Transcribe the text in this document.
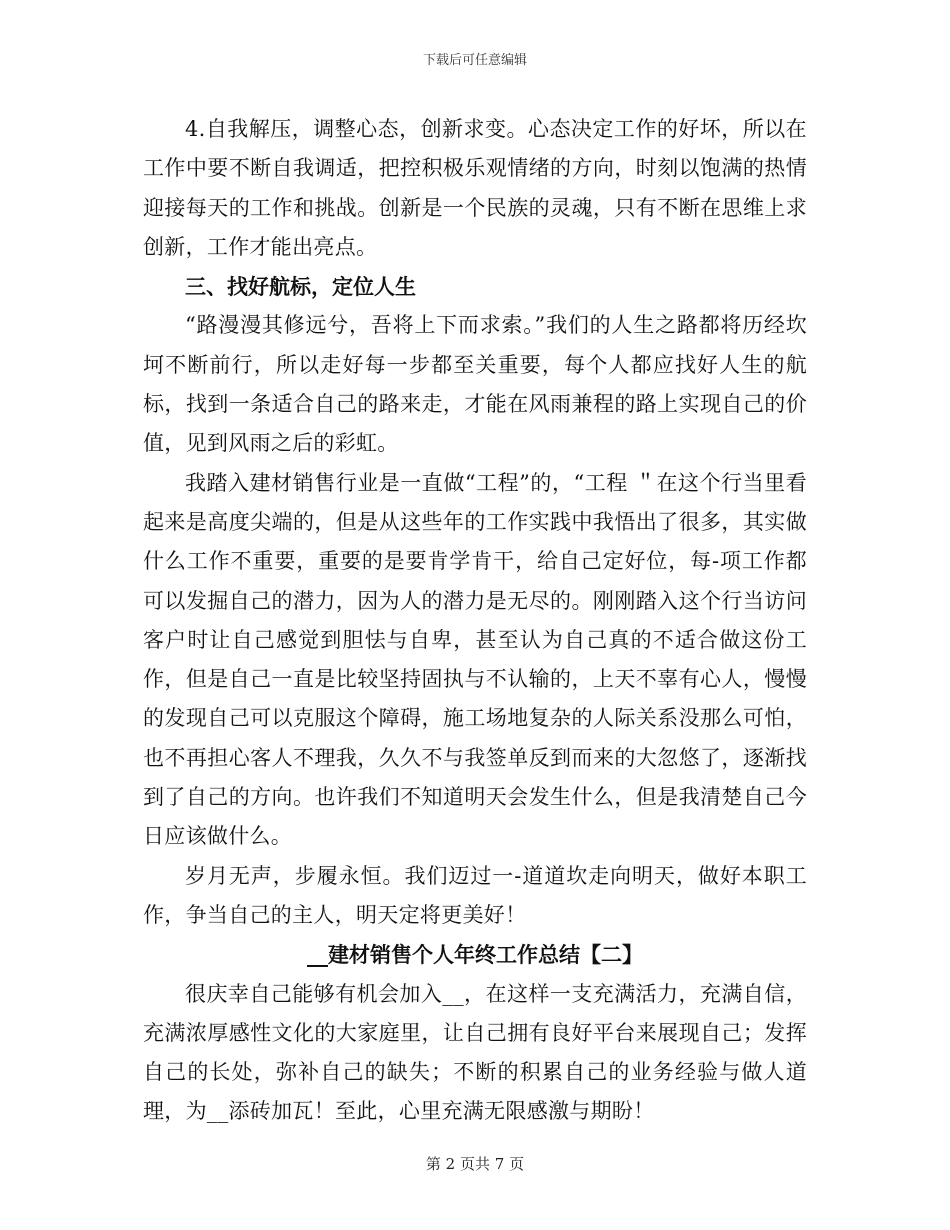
下载后可任意编辑

4.自我解压，调整心态，创新求变。心态决定工作的好坏，所以在工作中要不断自我调适，把控积极乐观情绪的方向，时刻以饱满的热情迎接每天的工作和挑战。创新是一个民族的灵魂，只有不断在思维上求创新，工作才能出亮点。

三、找好航标，定位人生

“路漫漫其修远兮，吾将上下而求索。”我们的人生之路都将历经坎坷不断前行，所以走好每一步都至关重要，每个人都应找好人生的航标，找到一条适合自己的路来走，才能在风雨兼程的路上实现自己的价值，见到风雨之后的彩虹。

我踏入建材销售行业是一直做“工程”的，“工程 ＂在这个行当里看起来是高度尖端的，但是从这些年的工作实践中我悟出了很多，其实做什么工作不重要，重要的是要肯学肯干，给自己定好位，每-项工作都可以发掘自己的潜力，因为人的潜力是无尽的。刚刚踏入这个行当访问客户时让自己感觉到胆怯与自卑，甚至认为自己真的不适合做这份工作，但是自己一直是比较坚持固执与不认输的，上天不辜有心人，慢慢的发现自己可以克服这个障碍，施工场地复杂的人际关系没那么可怕，也不再担心客人不理我，久久不与我签单反到而来的大忽悠了，逐渐找到了自己的方向。也许我们不知道明天会发生什么，但是我清楚自己今日应该做什么。

岁月无声，步履永恒。我们迈过一-道道坎走向明天，做好本职工作，争当自己的主人，明天定将更美好！

__建材销售个人年终工作总结【二】

很庆幸自己能够有机会加入__，在这样一支充满活力，充满自信，充满浓厚感性文化的大家庭里，让自己拥有良好平台来展现自己；发挥自己的长处，弥补自己的缺失；不断的积累自己的业务经验与做人道理，为__添砖加瓦！至此，心里充满无限感激与期盼！

第 2 页共 7 页
